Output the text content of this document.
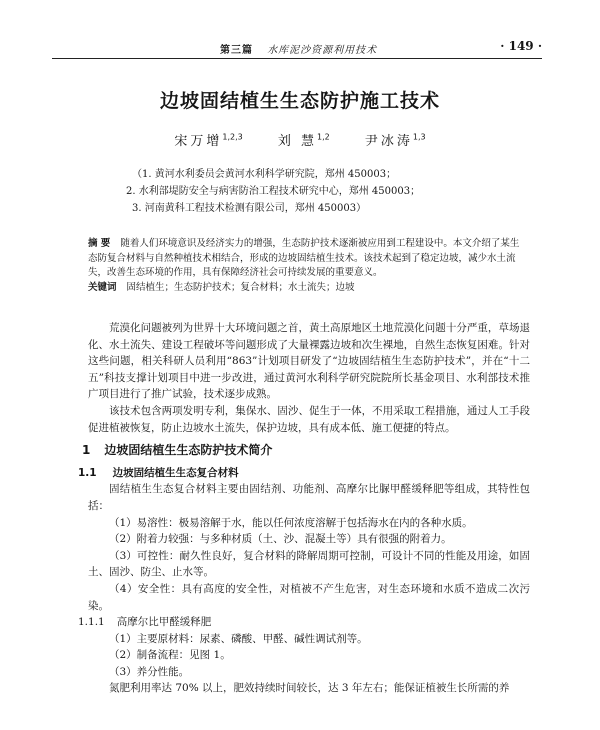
第三篇 水库泥沙资源利用技术	· 149 ·
边坡固结植生生态防护施工技术
宋万增$^{1,2,3}$	刘 慧$^{1,2}$	尹冰涛$^{1,3}$
（1. 黄河水利委员会黄河水利科学研究院，郑州 450003；
2. 水利部堤防安全与病害防治工程技术研究中心，郑州 450003；
3. 河南黄科工程技术检测有限公司，郑州 450003）
摘 要 随着人们环境意识及经济实力的增强，生态防护技术逐渐被应用到工程建设中。本文介绍了某生态防复合材料与自然种植技术相结合，形成的边坡固结植生技术。该技术起到了稳定边坡，减少水土流失，改善生态环境的作用，具有保障经济社会可持续发展的重要意义。
关键词 固结植生；生态防护技术；复合材料；水土流失；边坡

荒漠化问题被列为世界十大环境问题之首，黄土高原地区土地荒漠化问题十分严重，草场退化、水土流失、建设工程破坏等问题形成了大量裸露边坡和次生裸地，自然生态恢复困难。针对这些问题，相关科研人员利用“863”计划项目研发了“边坡固结植生生态防护技术”，并在“十二五”科技支撑计划项目中进一步改进，通过黄河水利科学研究院院所长基金项目、水利部技术推广项目进行了推广试验，技术逐步成熟。

该技术包含两项发明专利，集保水、固沙、促生于一体，不用采取工程措施，通过人工手段促进植被恢复，防止边坡水土流失，保护边坡，具有成本低、施工便捷的特点。

1 边坡固结植生生态防护技术简介
1.1 边坡固结植生生态复合材料

固结植生生态复合材料主要由固结剂、功能剂、高摩尔比脲甲醛缓释肥等组成，其特性包括：

（1）易溶性：极易溶解于水，能以任何浓度溶解于包括海水在内的各种水质。

（2）附着力较强：与多种材质（土、沙、混凝土等）具有很强的附着力。

（3）可控性：耐久性良好，复合材料的降解周期可控制，可设计不同的性能及用途，如固土、固沙、防尘、止水等。

（4）安全性：具有高度的安全性，对植被不产生危害，对生态环境和水质不造成二次污染。

1.1.1 高摩尔比甲醛缓释肥

（1）主要原材料：尿素、磷酸、甲醛、碱性调试剂等。

（2）制备流程：见图 1。

（3）养分性能。

氮肥利用率达 70% 以上，肥效持续时间较长，达 3 年左右；能保证植被生长所需的养
